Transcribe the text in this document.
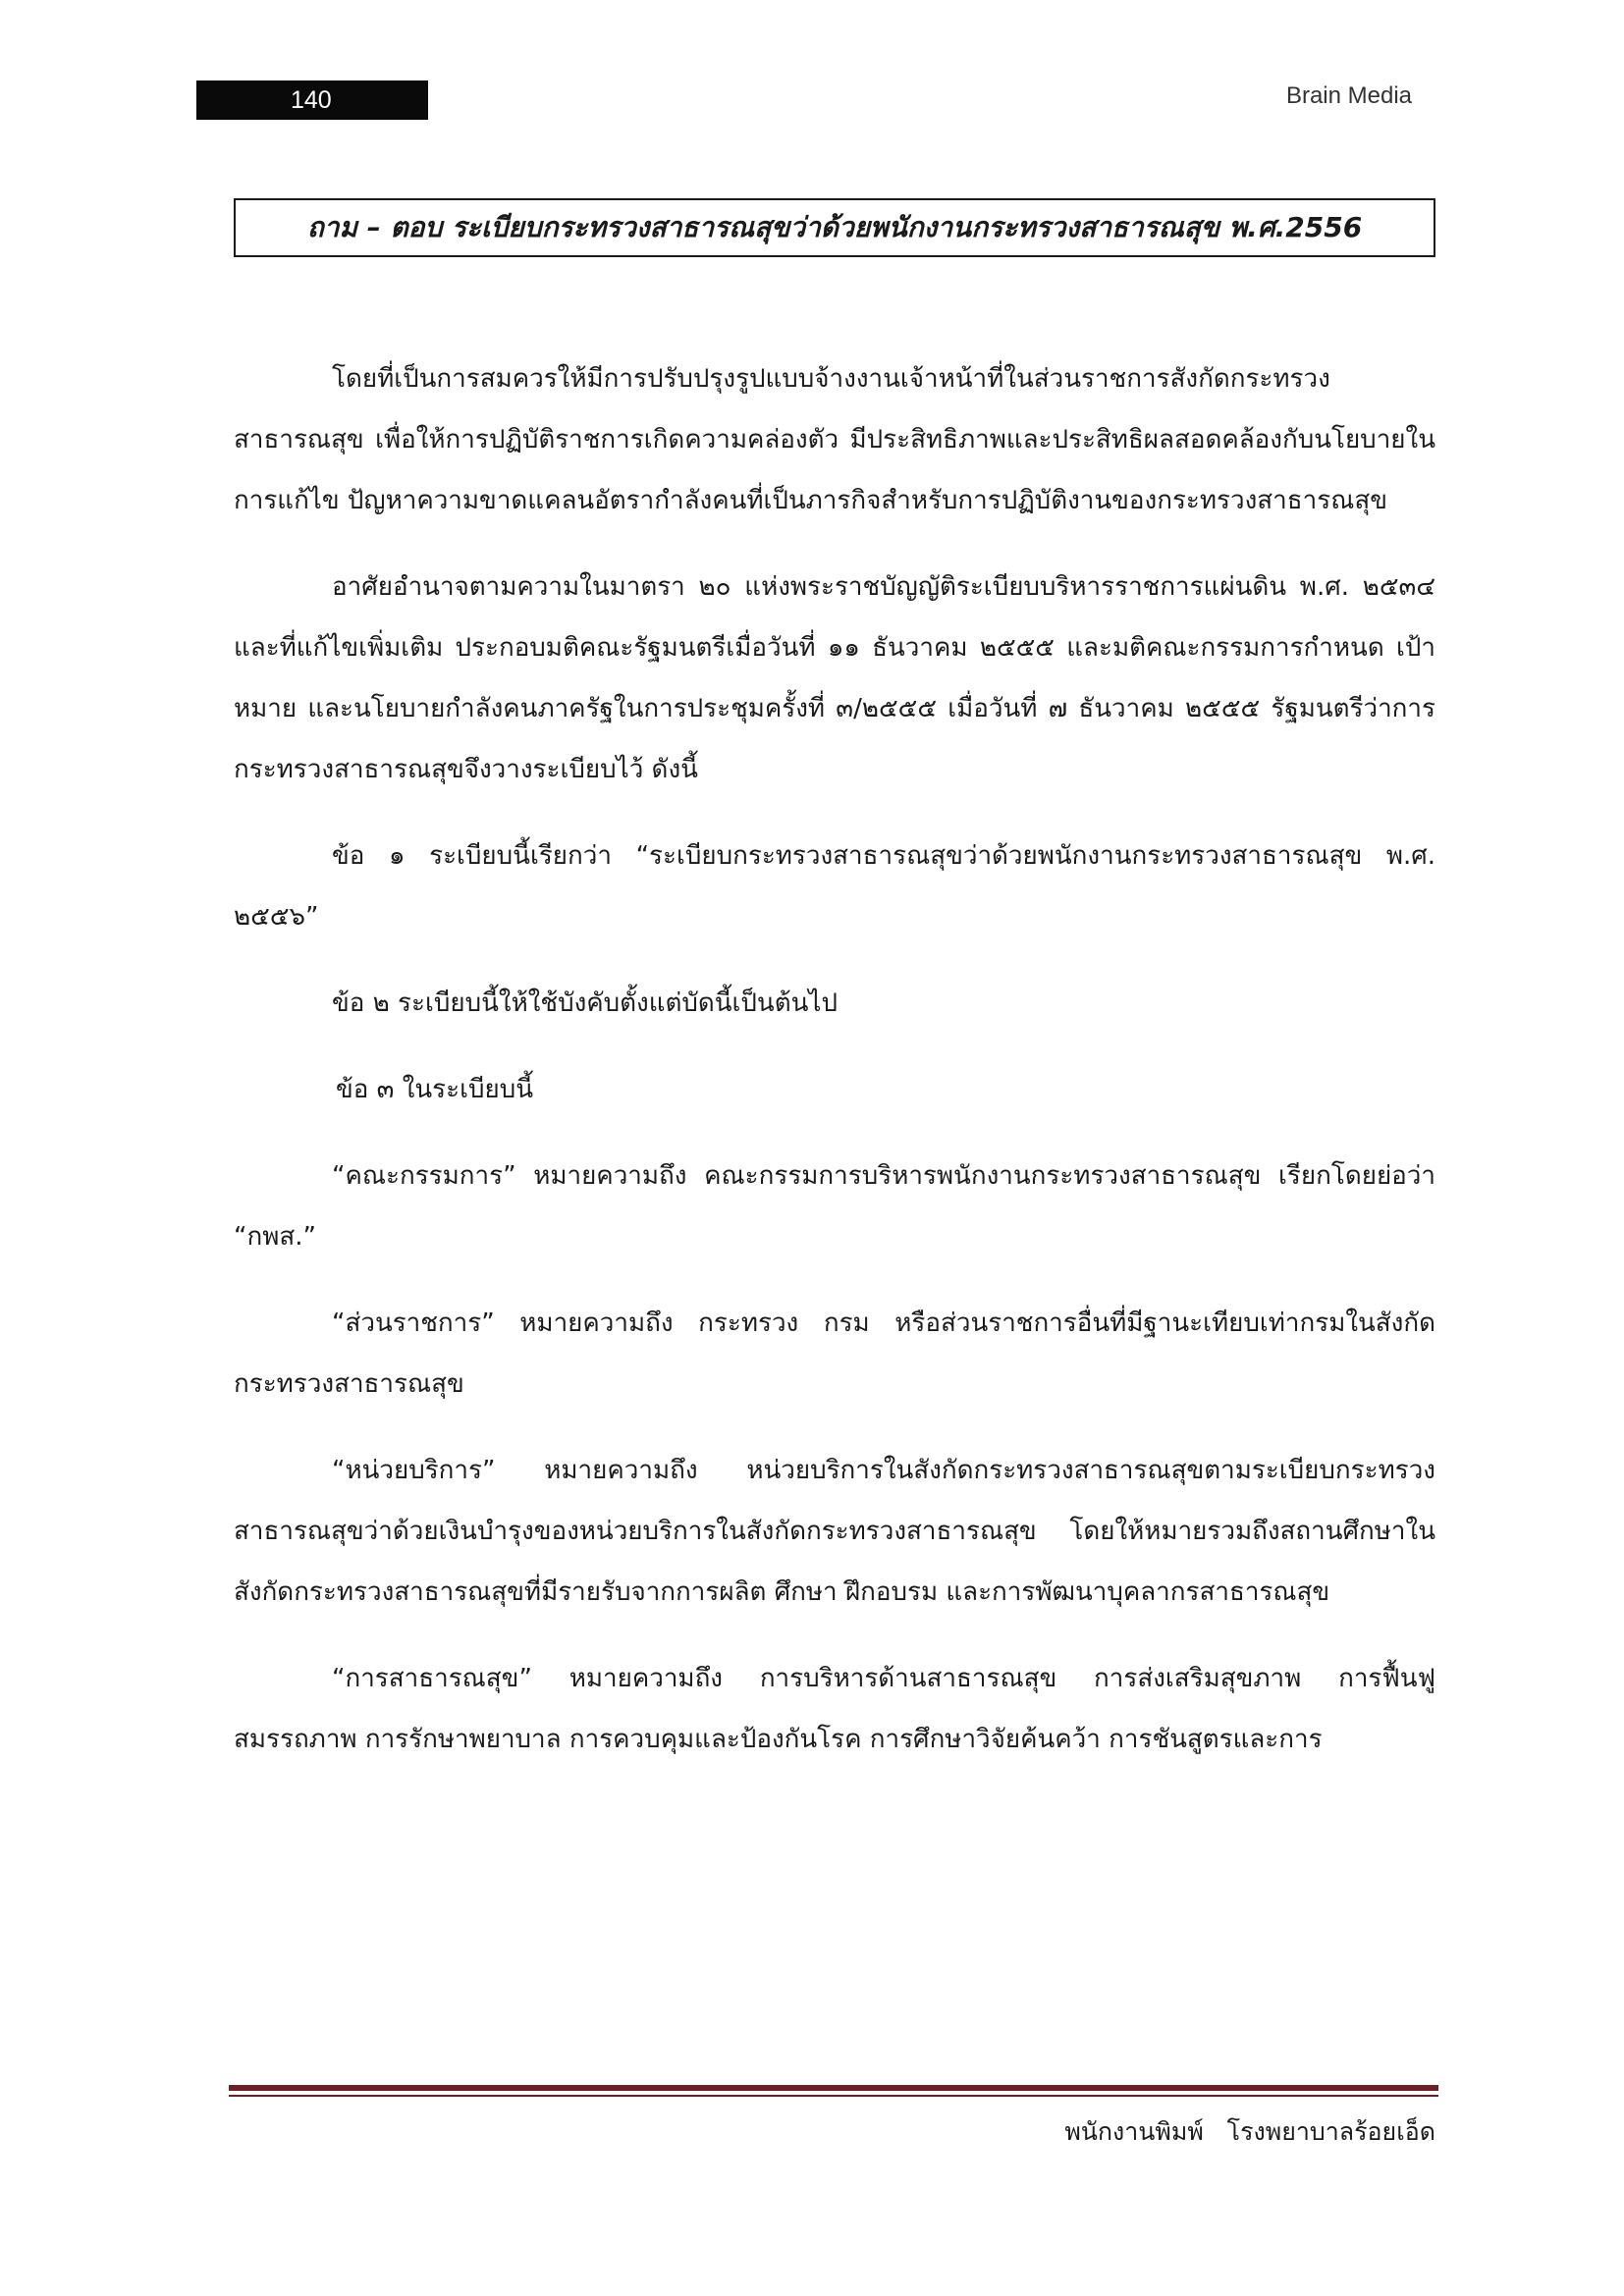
140	Brain Media
ถาม – ตอบ ระเบียบกระทรวงสาธารณสุขว่าด้วยพนักงานกระทรวงสาธารณสุข พ.ศ.2556

โดยที่เป็นการสมควรให้มีการปรับปรุงรูปแบบจ้างงานเจ้าหน้าที่ในส่วนราชการสังกัดกระทรวงสาธารณสุข เพื่อให้การปฏิบัติราชการเกิดความคล่องตัว มีประสิทธิภาพและประสิทธิผลสอดคล้องกับนโยบายในการแก้ไข ปัญหาความขาดแคลนอัตรากำลังคนที่เป็นภารกิจสำหรับการปฏิบัติงานของกระทรวงสาธารณสุข

อาศัยอำนาจตามความในมาตรา ๒๐ แห่งพระราชบัญญัติระเบียบบริหารราชการแผ่นดิน พ.ศ. ๒๕๓๔ และที่แก้ไขเพิ่มเติม ประกอบมติคณะรัฐมนตรีเมื่อวันที่ ๑๑ ธันวาคม ๒๕๕๕ และมติคณะกรรมการกำหนด เป้าหมาย และนโยบายกำลังคนภาครัฐในการประชุมครั้งที่ ๓/๒๕๕๕ เมื่อวันที่ ๗ ธันวาคม ๒๕๕๕ รัฐมนตรีว่าการกระทรวงสาธารณสุขจึงวางระเบียบไว้ ดังนี้

ข้อ ๑ ระเบียบนี้เรียกว่า “ระเบียบกระทรวงสาธารณสุขว่าด้วยพนักงานกระทรวงสาธารณสุข พ.ศ. ๒๕๕๖”

ข้อ ๒ ระเบียบนี้ให้ใช้บังคับตั้งแต่บัดนี้เป็นต้นไป

ข้อ ๓ ในระเบียบนี้

“คณะกรรมการ” หมายความถึง คณะกรรมการบริหารพนักงานกระทรวงสาธารณสุข เรียกโดยย่อว่า “กพส.”

“ส่วนราชการ” หมายความถึง กระทรวง กรม หรือส่วนราชการอื่นที่มีฐานะเทียบเท่ากรมในสังกัดกระทรวงสาธารณสุข

“หน่วยบริการ” หมายความถึง หน่วยบริการในสังกัดกระทรวงสาธารณสุขตามระเบียบกระทรวงสาธารณสุขว่าด้วยเงินบำรุงของหน่วยบริการในสังกัดกระทรวงสาธารณสุข โดยให้หมายรวมถึงสถานศึกษาใน สังกัดกระทรวงสาธารณสุขที่มีรายรับจากการผลิต ศึกษา ฝึกอบรม และการพัฒนาบุคลากรสาธารณสุข

“การสาธารณสุข” หมายความถึง การบริหารด้านสาธารณสุข การส่งเสริมสุขภาพ การฟื้นฟูสมรรถภาพ การรักษาพยาบาล การควบคุมและป้องกันโรค การศึกษาวิจัยค้นคว้า การชันสูตรและการ

พนักงานพิมพ์   โรงพยาบาลร้อยเอ็ด
